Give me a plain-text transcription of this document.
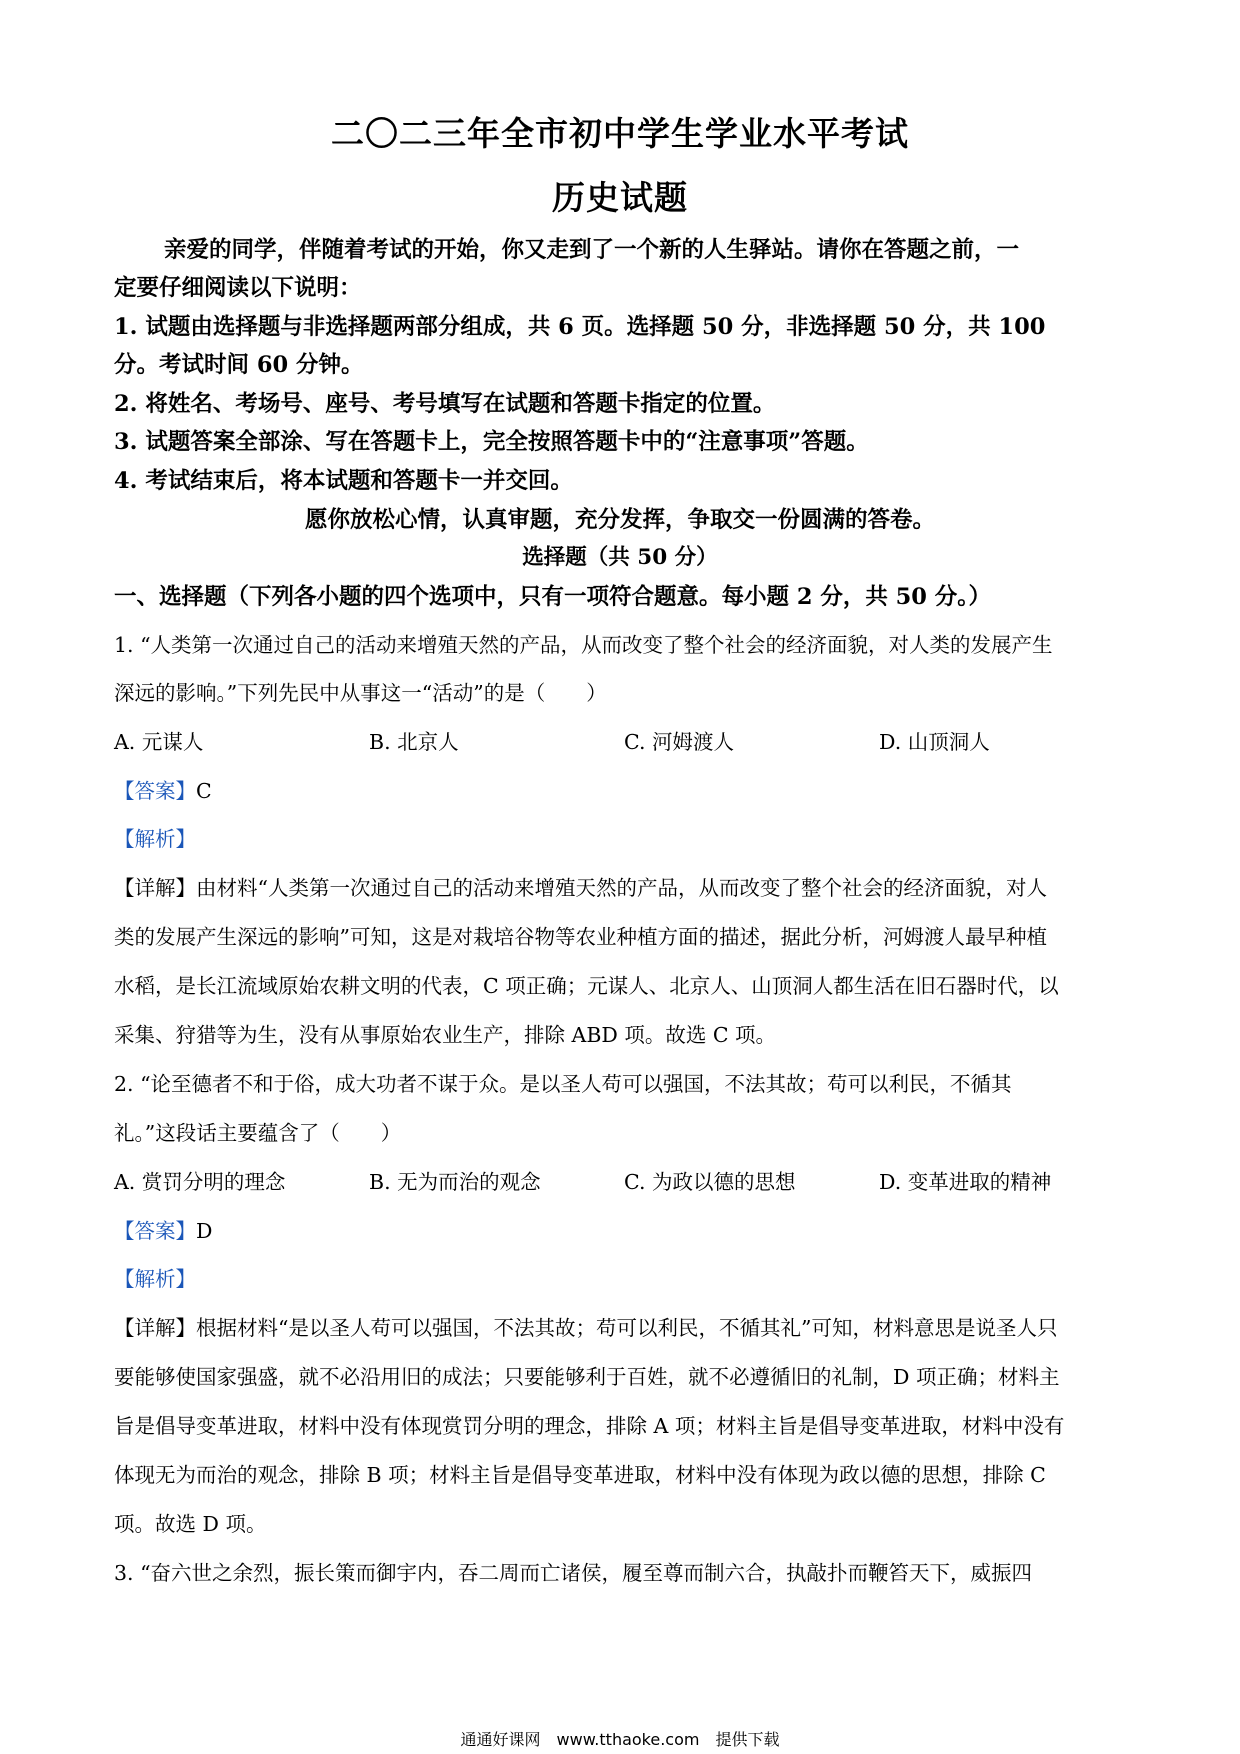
二〇二三年全市初中学生学业水平考试
历史试题
亲爱的同学，伴随着考试的开始，你又走到了一个新的人生驿站。请你在答题之前，一
定要仔细阅读以下说明：
1. 试题由选择题与非选择题两部分组成，共 6 页。选择题 50 分，非选择题 50 分，共 100
分。考试时间 60 分钟。
2. 将姓名、考场号、座号、考号填写在试题和答题卡指定的位置。
3. 试题答案全部涂、写在答题卡上，完全按照答题卡中的“注意事项”答题。
4. 考试结束后，将本试题和答题卡一并交回。
愿你放松心情，认真审题，充分发挥，争取交一份圆满的答卷。
选择题（共 50 分）
一、选择题（下列各小题的四个选项中，只有一项符合题意。每小题 2 分，共 50 分。）
1. “人类第一次通过自己的活动来增殖天然的产品，从而改变了整个社会的经济面貌，对人类的发展产生
深远的影响。”下列先民中从事这一“活动”的是（　　）
A. 元谋人	B. 北京人	C. 河姆渡人	D. 山顶洞人
【答案】C
【解析】
【详解】由材料“人类第一次通过自己的活动来增殖天然的产品，从而改变了整个社会的经济面貌，对人
类的发展产生深远的影响”可知，这是对栽培谷物等农业种植方面的描述，据此分析，河姆渡人最早种植
水稻，是长江流域原始农耕文明的代表，C 项正确；元谋人、北京人、山顶洞人都生活在旧石器时代，以
采集、狩猎等为生，没有从事原始农业生产，排除 ABD 项。故选 C 项。
2. “论至德者不和于俗，成大功者不谋于众。是以圣人苟可以强国，不法其故；苟可以利民，不循其
礼。”这段话主要蕴含了（　　）
A. 赏罚分明的理念	B. 无为而治的观念	C. 为政以德的思想	D. 变革进取的精神
【答案】D
【解析】
【详解】根据材料“是以圣人苟可以强国，不法其故；苟可以利民，不循其礼”可知，材料意思是说圣人只
要能够使国家强盛，就不必沿用旧的成法；只要能够利于百姓，就不必遵循旧的礼制，D 项正确；材料主
旨是倡导变革进取，材料中没有体现赏罚分明的理念，排除 A 项；材料主旨是倡导变革进取，材料中没有
体现无为而治的观念，排除 B 项；材料主旨是倡导变革进取，材料中没有体现为政以德的思想，排除 C
项。故选 D 项。
3. “奋六世之余烈，振长策而御宇内，吞二周而亡诸侯，履至尊而制六合，执敲扑而鞭笞天下，威振四
通通好课网　www.tthaoke.com　提供下载
